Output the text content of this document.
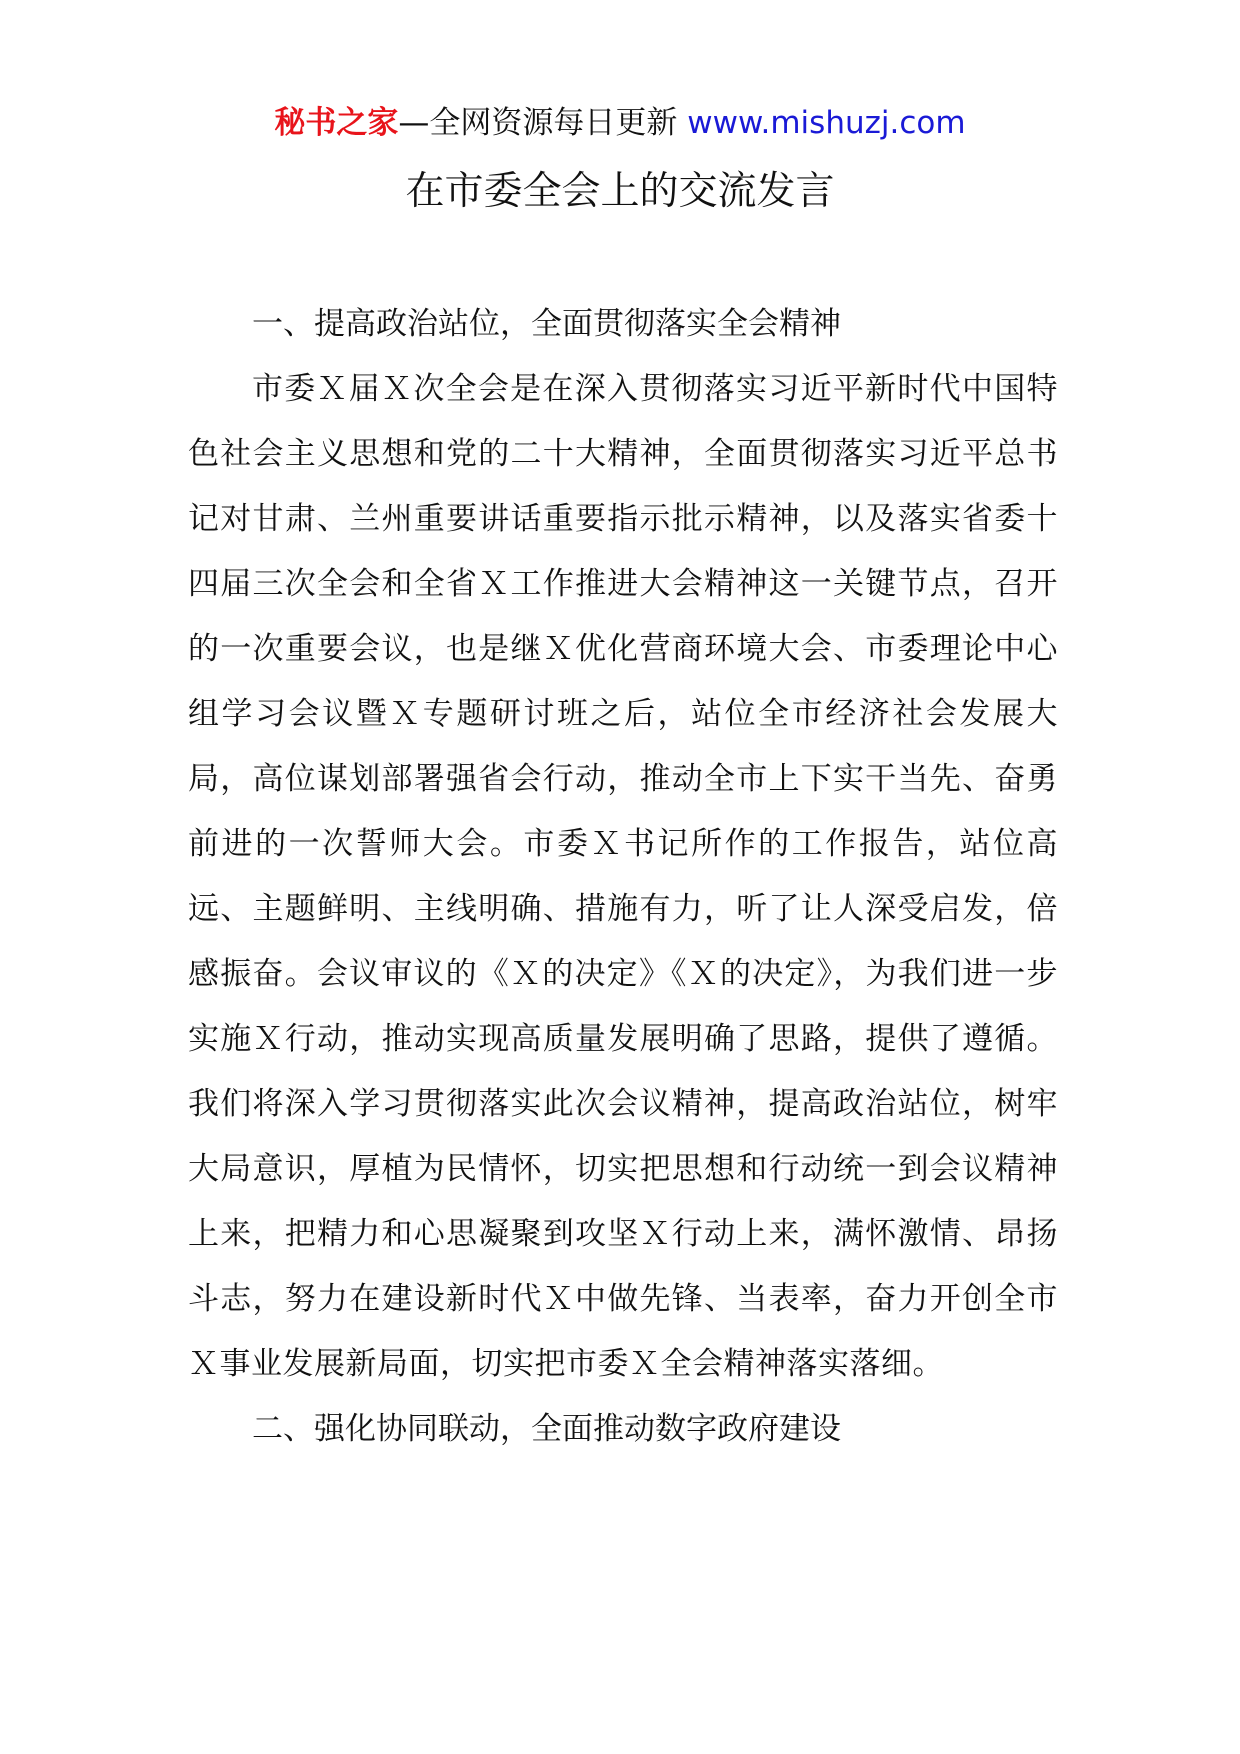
秘书之家—全网资源每日更新 www.mishuzj.com
在市委全会上的交流发言
一、提高政治站位，全面贯彻落实全会精神

市委Ｘ届Ｘ次全会是在深入贯彻落实习近平新时代中国特色社会主义思想和党的二十大精神，全面贯彻落实习近平总书记对甘肃、兰州重要讲话重要指示批示精神，以及落实省委十四届三次全会和全省Ｘ工作推进大会精神这一关键节点，召开的一次重要会议，也是继Ｘ优化营商环境大会、市委理论中心组学习会议暨Ｘ专题研讨班之后，站位全市经济社会发展大局，高位谋划部署强省会行动，推动全市上下实干当先、奋勇前进的一次誓师大会。市委Ｘ书记所作的工作报告，站位高远、主题鲜明、主线明确、措施有力，听了让人深受启发，倍感振奋。会议审议的《Ｘ的决定》《Ｘ的决定》，为我们进一步实施Ｘ行动，推动实现高质量发展明确了思路，提供了遵循。我们将深入学习贯彻落实此次会议精神，提高政治站位，树牢大局意识，厚植为民情怀，切实把思想和行动统一到会议精神上来，把精力和心思凝聚到攻坚Ｘ行动上来，满怀激情、昂扬斗志，努力在建设新时代Ｘ中做先锋、当表率，奋力开创全市Ｘ事业发展新局面，切实把市委Ｘ全会精神落实落细。

二、强化协同联动，全面推动数字政府建设
